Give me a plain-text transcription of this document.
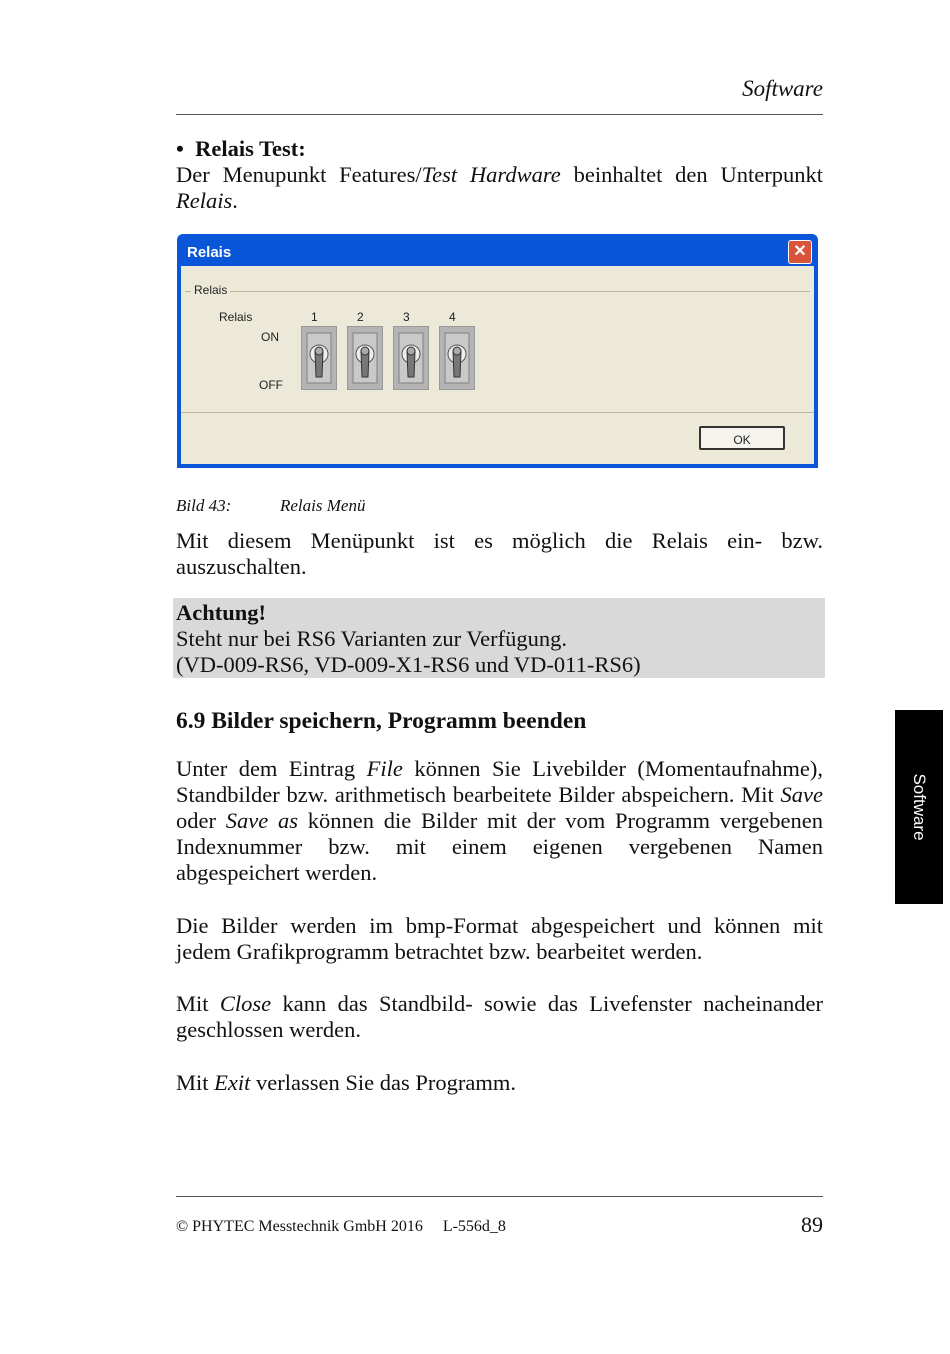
Software
• Relais Test:
Der Menupunkt Features/Test Hardware beinhaltet den Unterpunkt
Relais.
Relais	✕
Relais
Relais
ON
OFF
1	2	3	4
OK
Bild 43:	Relais Menü
Mit diesem Menüpunkt ist es möglich die Relais ein- bzw. auszuschalten.
Achtung!
Steht nur bei RS6 Varianten zur Verfügung.
(VD-009-RS6, VD-009-X1-RS6 und VD-011-RS6)
6.9 Bilder speichern, Programm beenden
Unter dem Eintrag File können Sie Livebilder (Momentaufnahme), Standbilder bzw. arithmetisch bearbeitete Bilder abspeichern. Mit Save oder Save as können die Bilder mit der vom Programm vergebenen Indexnummer bzw. mit einem eigenen vergebenen Namen abgespeichert werden.
Die Bilder werden im bmp-Format abgespeichert und können mit jedem Grafikprogramm betrachtet bzw. bearbeitet werden.
Mit Close kann das Standbild- sowie das Livefenster nacheinander geschlossen werden.
Mit Exit verlassen Sie das Programm.
Software
© PHYTEC Messtechnik GmbH 2016 L-556d_8	89
